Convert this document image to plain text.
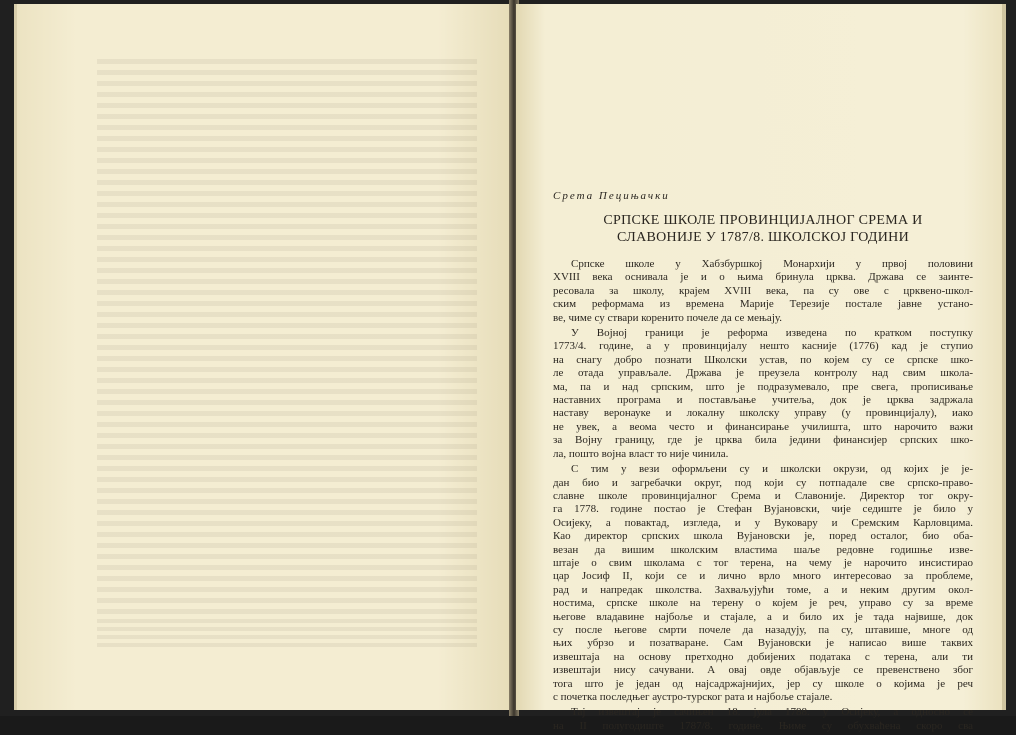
Срета Пецињачки
СРПСКЕ ШКОЛЕ ПРОВИНЦИЈАЛНОГ СРЕМА И
СЛАВОНИЈЕ У 1787/8. ШКОЛСКОЈ ГОДИНИ
Српске школе у Хабзбуршкој Монархији у првој половини
XVIII века оснивала је и о њима бринула црква. Држава се заинте-
ресовала за школу, крајем XVIII века, па су ове с црквено-школ-
ским реформама из времена Марије Терезије постале јавне устано-
ве, чиме су ствари коренито почеле да се мењају.
У Војној граници је реформа изведена по кратком поступку
1773/4. године, а у провинцијалу нешто касније (1776) кад је ступио
на снагу добро познати Школски устав, по којем су се српске шко-
ле отада управљале. Држава је преузела контролу над свим школа-
ма, па и над српским, што је подразумевало, пре свега, прописивање
наставних програма и постављање учитеља, док је црква задржала
наставу веронауке и локалну школску управу (у провинцијалу), иако
не увек, а веома често и финансирање училишта, што нарочито важи
за Војну границу, где је црква била једини финансијер српских шко-
ла, пошто војна власт то није чинила.
С тим у вези оформљени су и школски окрузи, од којих је је-
дан био и загребачки округ, под који су потпадале све српско-право-
славне школе провинцијалног Срема и Славоније. Директор тог окру-
га 1778. године постао је Стефан Вујановски, чије седиште је било у
Осијеку, а повактад, изгледа, и у Вуковару и Сремским Карловцима.
Као директор српских школа Вујановски је, поред осталог, био оба-
везан да вишим школским властима шаље редовне годишње изве-
штаје о свим школама с тог терена, на чему је нарочито инсистирао
цар Јосиф II, који се и лично врло много интересовао за проблеме,
рад и напредак школства. Захваљујући томе, а и неким другим окол-
ностима, српске школе на терену о којем је реч, управо су за време
његове владавине најбоље и стајале, а и било их је тада највише, док
су после његове смрти почеле да назадују, па су, штавише, многе од
њих убрзо и позатваране. Сам Вујановски је написао више таквих
извештаја на основу претходно добијених података с терена, али ти
извештаји нису сачувани. А овај овде објављује се превенствено због
тога што је један од најсадржајнијих, јер су школе о којима је реч
с почетка последњег аустро-турског рата и најбоље стајале.
Тај извештај је сачињен 18. јула 1788. у Осијеку, а односно се
на II полугодиште 1787/8. године. Њиме су обухваћена скоро сва
